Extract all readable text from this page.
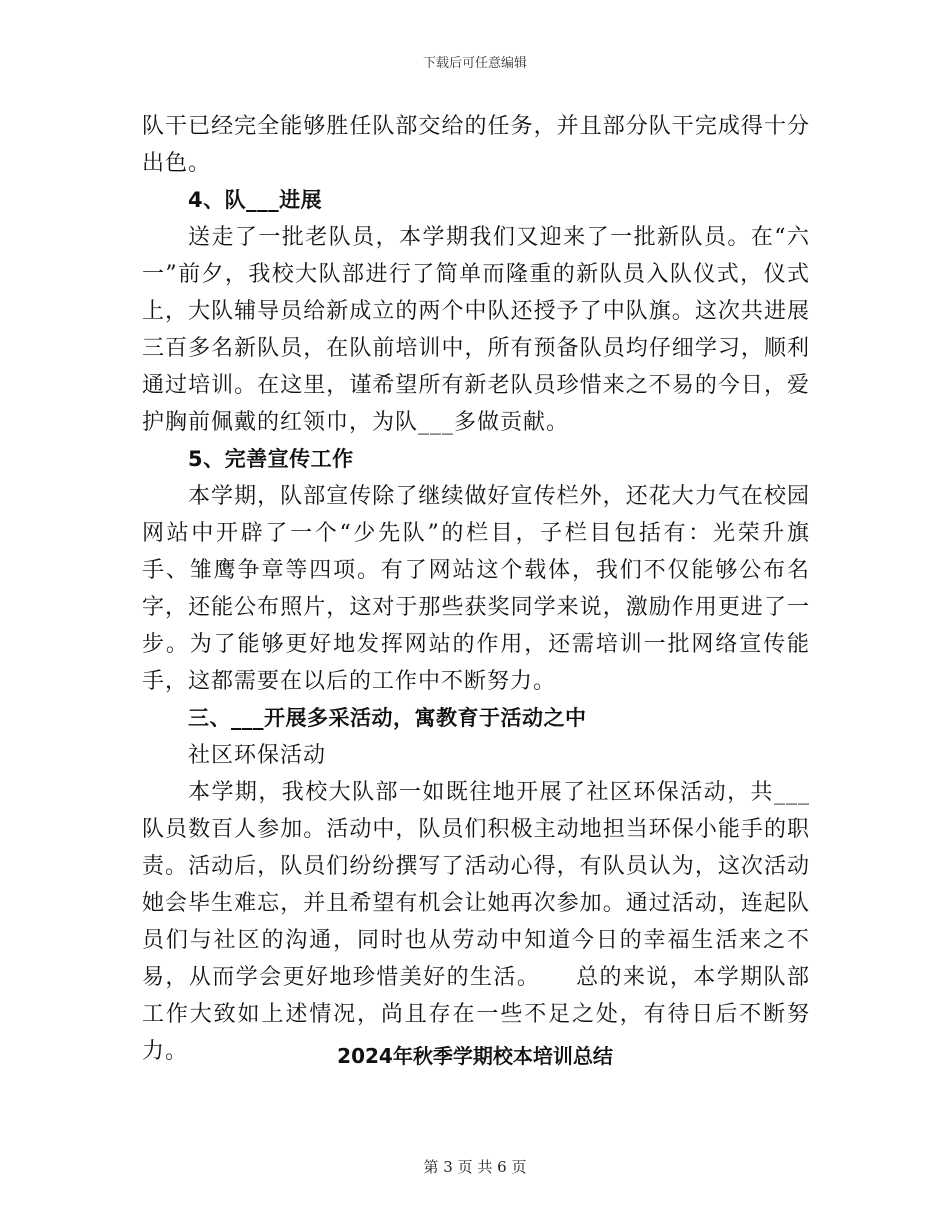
下载后可任意编辑

队干已经完全能够胜任队部交给的任务，并且部分队干完成得十分出色。

4、队___进展

送走了一批老队员，本学期我们又迎来了一批新队员。在“六一”前夕，我校大队部进行了简单而隆重的新队员入队仪式，仪式上，大队辅导员给新成立的两个中队还授予了中队旗。这次共进展三百多名新队员，在队前培训中，所有预备队员均仔细学习，顺利通过培训。在这里，谨希望所有新老队员珍惜来之不易的今日，爱护胸前佩戴的红领巾，为队___多做贡献。

5、完善宣传工作

本学期，队部宣传除了继续做好宣传栏外，还花大力气在校园网站中开辟了一个“少先队”的栏目，子栏目包括有：光荣升旗手、雏鹰争章等四项。有了网站这个载体，我们不仅能够公布名字，还能公布照片，这对于那些获奖同学来说，激励作用更进了一步。为了能够更好地发挥网站的作用，还需培训一批网络宣传能手，这都需要在以后的工作中不断努力。

三、___开展多采活动，寓教育于活动之中

社区环保活动

本学期，我校大队部一如既往地开展了社区环保活动，共___队员数百人参加。活动中，队员们积极主动地担当环保小能手的职责。活动后，队员们纷纷撰写了活动心得，有队员认为，这次活动她会毕生难忘，并且希望有机会让她再次参加。通过活动，连起队员们与社区的沟通，同时也从劳动中知道今日的幸福生活来之不易，从而学会更好地珍惜美好的生活。　　总的来说，本学期队部工作大致如上述情况，尚且存在一些不足之处，有待日后不断努力。	2024年秋季学期校本培训总结
第 3 页 共 6 页
